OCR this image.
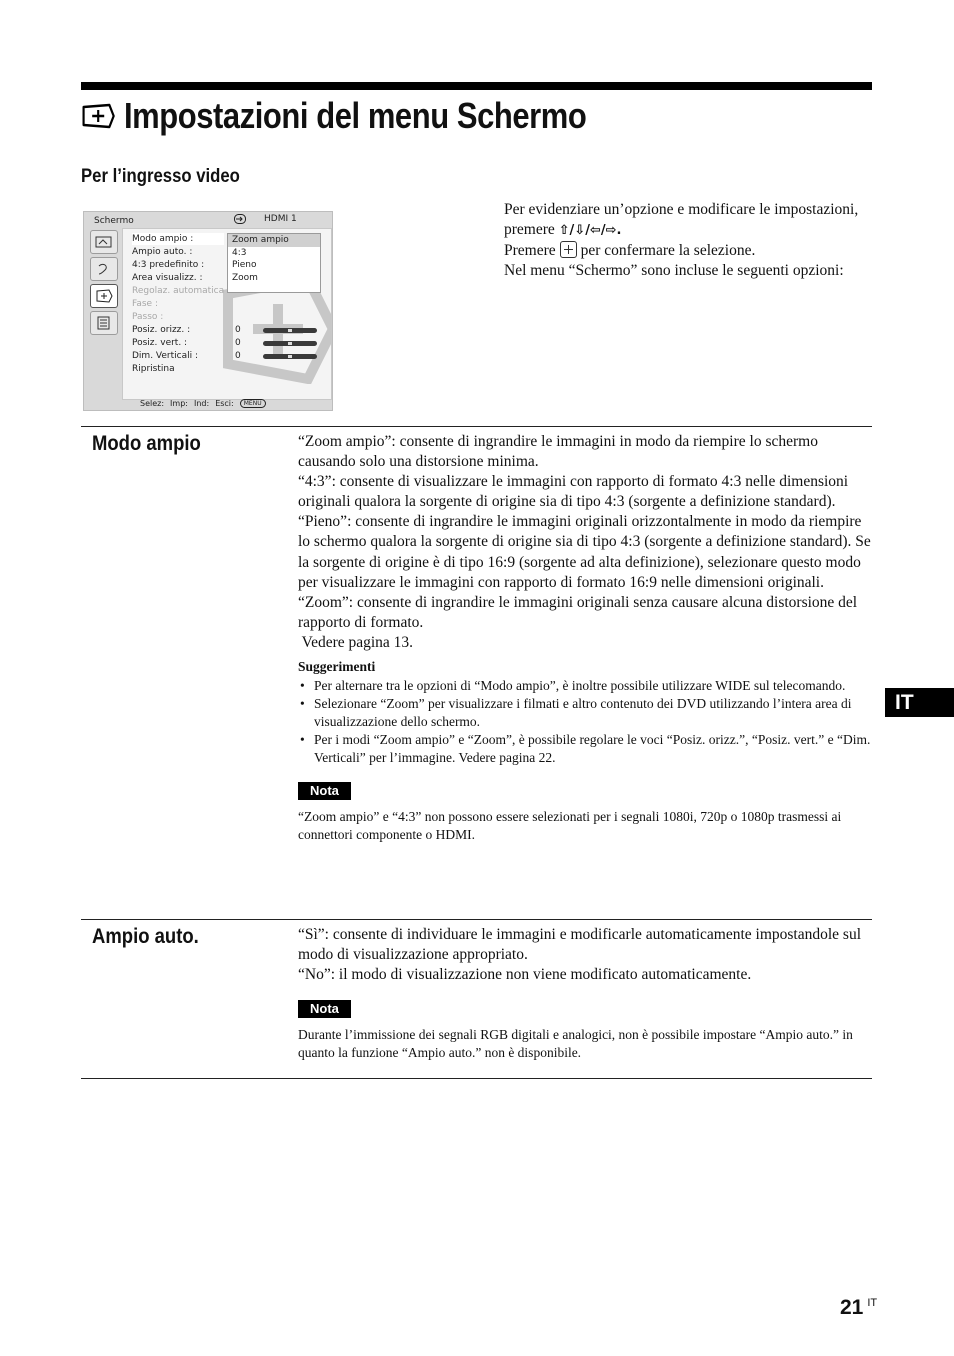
Impostazioni del menu Schermo
Per l’ingresso video
Schermo	HDMI 1
Modo ampio :
Ampio auto. :
4:3 predefinito :
Area visualizz. :
Regolaz. automatica
Fase :
Passo :
Posiz. orizz. :
Posiz. vert. :
Dim. Verticali :
Ripristina
0
0
0
Zoom ampio
4:3
Pieno
Zoom
Selez: Imp: Ind: Esci:	MENU
Per evidenziare un’opzione e modificare le impostazioni, premere ⇧/⇩/⇦/⇨.
Premere per confermare la selezione.
Nel menu “Schermo” sono incluse le seguenti opzioni:
Modo ampio	“Zoom ampio”: consente di ingrandire le immagini in modo da riempire lo schermo causando solo una distorsione minima.

“4:3”: consente di visualizzare le immagini con rapporto di formato 4:3 nelle dimensioni originali qualora la sorgente di origine sia di tipo 4:3 (sorgente a definizione standard).

“Pieno”: consente di ingrandire le immagini originali orizzontalmente in modo da riempire lo schermo qualora la sorgente di origine sia di tipo 4:3 (sorgente a definizione standard). Se la sorgente di origine è di tipo 16:9 (sorgente ad alta definizione), selezionare questo modo per visualizzare le immagini con rapporto di formato 16:9 nelle dimensioni originali.

“Zoom”: consente di ingrandire le immagini originali senza causare alcuna distorsione del rapporto di formato.

Vedere pagina 13.

Suggerimenti
• Per alternare tra le opzioni di “Modo ampio”, è inoltre possibile utilizzare WIDE sul telecomando.
• Selezionare “Zoom” per visualizzare i filmati e altro contenuto dei DVD utilizzando l’intera area di visualizzazione dello schermo.
• Per i modi “Zoom ampio” e “Zoom”, è possibile regolare le voci “Posiz. orizz.”, “Posiz. vert.” e “Dim. Verticali” per l’immagine. Vedere pagina 22.
Nota
“Zoom ampio” e “4:3” non possono essere selezionati per i segnali 1080i, 720p o 1080p trasmessi ai connettori componente o HDMI.
Ampio auto.	“Sì”: consente di individuare le immagini e modificarle automaticamente impostandole sul modo di visualizzazione appropriato.

“No”: il modo di visualizzazione non viene modificato automaticamente.

Nota
Durante l’immissione dei segnali RGB digitali e analogici, non è possibile impostare “Ampio auto.” in quanto la funzione “Ampio auto.” non è disponibile.
IT
21 $^{IT}$
